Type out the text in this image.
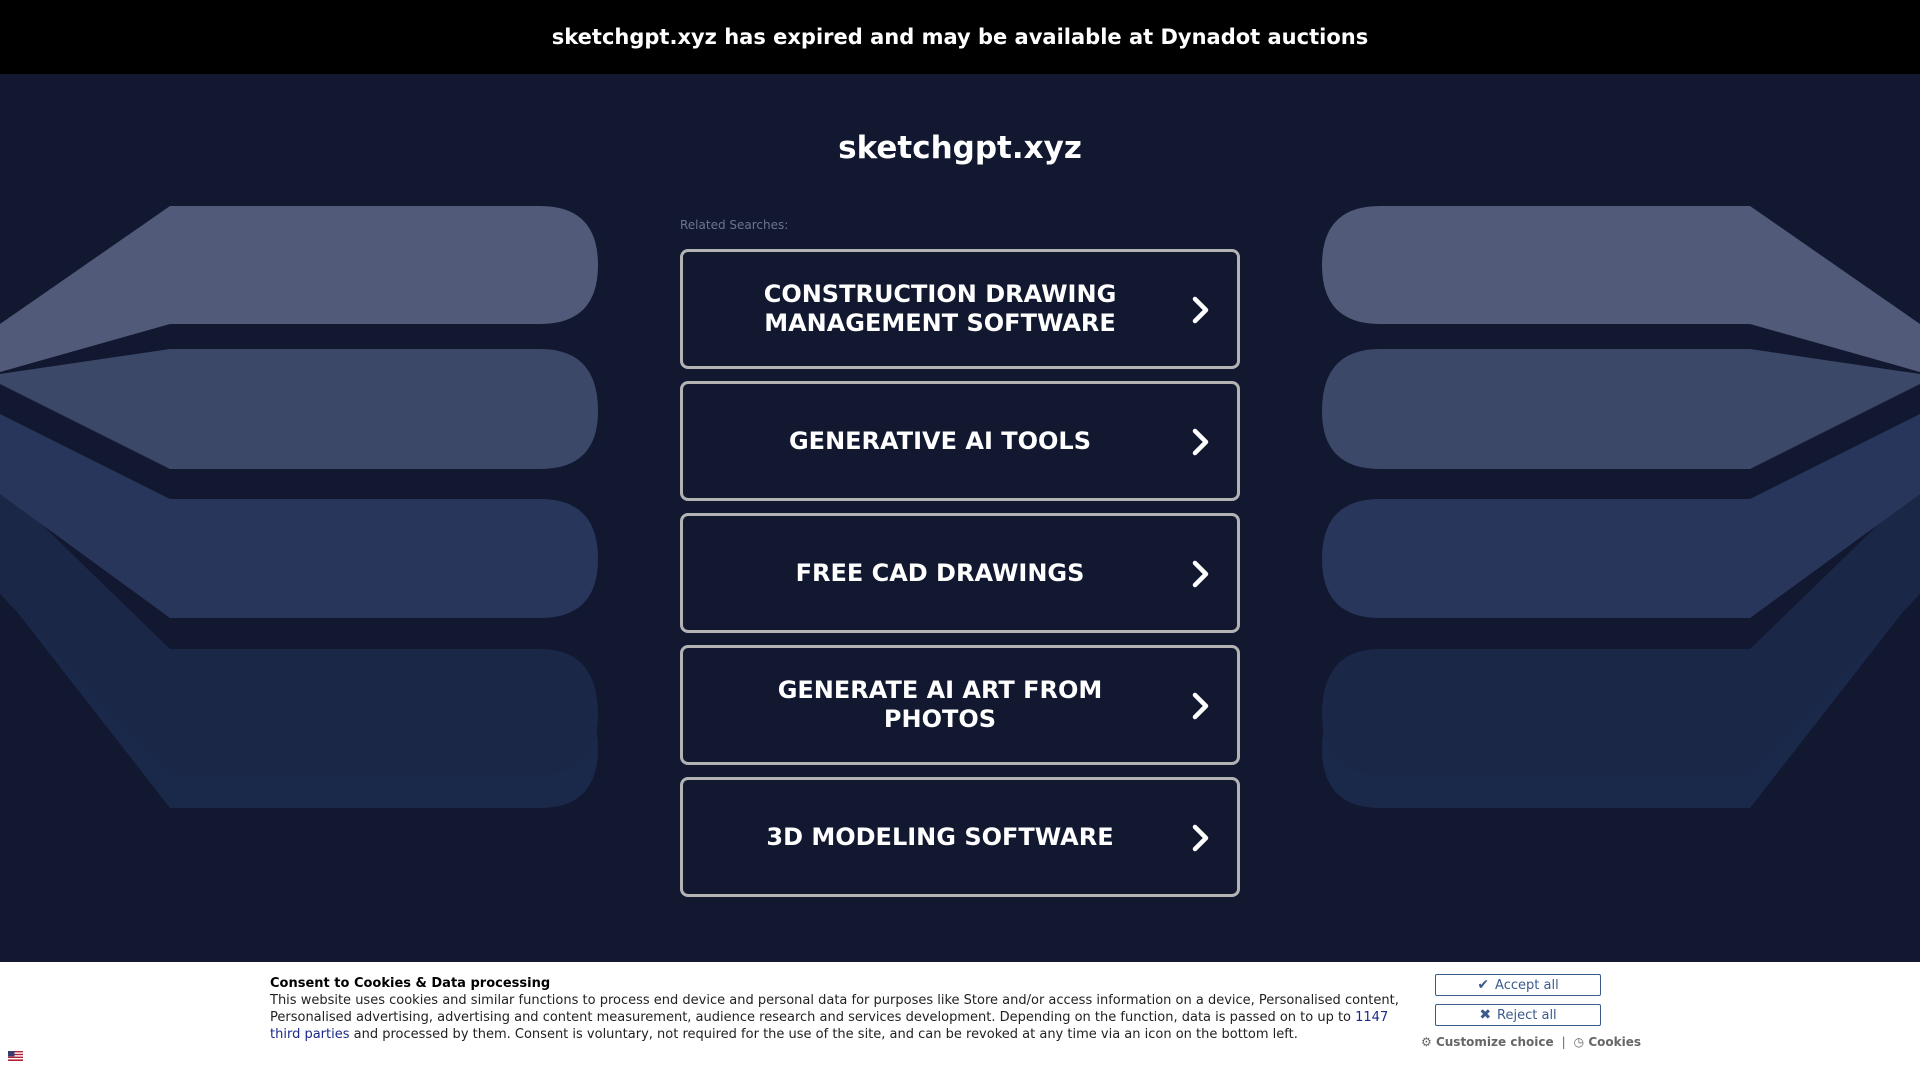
sketchgpt.xyz has expired and may be available at Dynadot auctions
sketchgpt.xyz
Related Searches:
CONSTRUCTION DRAWING MANAGEMENT SOFTWARE
GENERATIVE AI TOOLS
FREE CAD DRAWINGS
GENERATE AI ART FROM PHOTOS
3D MODELING SOFTWARE
Consent to Cookies & Data processing
This website uses cookies and similar functions to process end device and personal data for purposes like Store and/or access information on a device, Personalised content, Personalised advertising, advertising and content measurement, audience research and services development. Depending on the function, data is passed on to up to 1147 third parties and processed by them. Consent is voluntary, not required for the use of the site, and can be revoked at any time via an icon on the bottom left.
✔ Accept all
✖ Reject all
⚙ Customize choice | ◷ Cookies
